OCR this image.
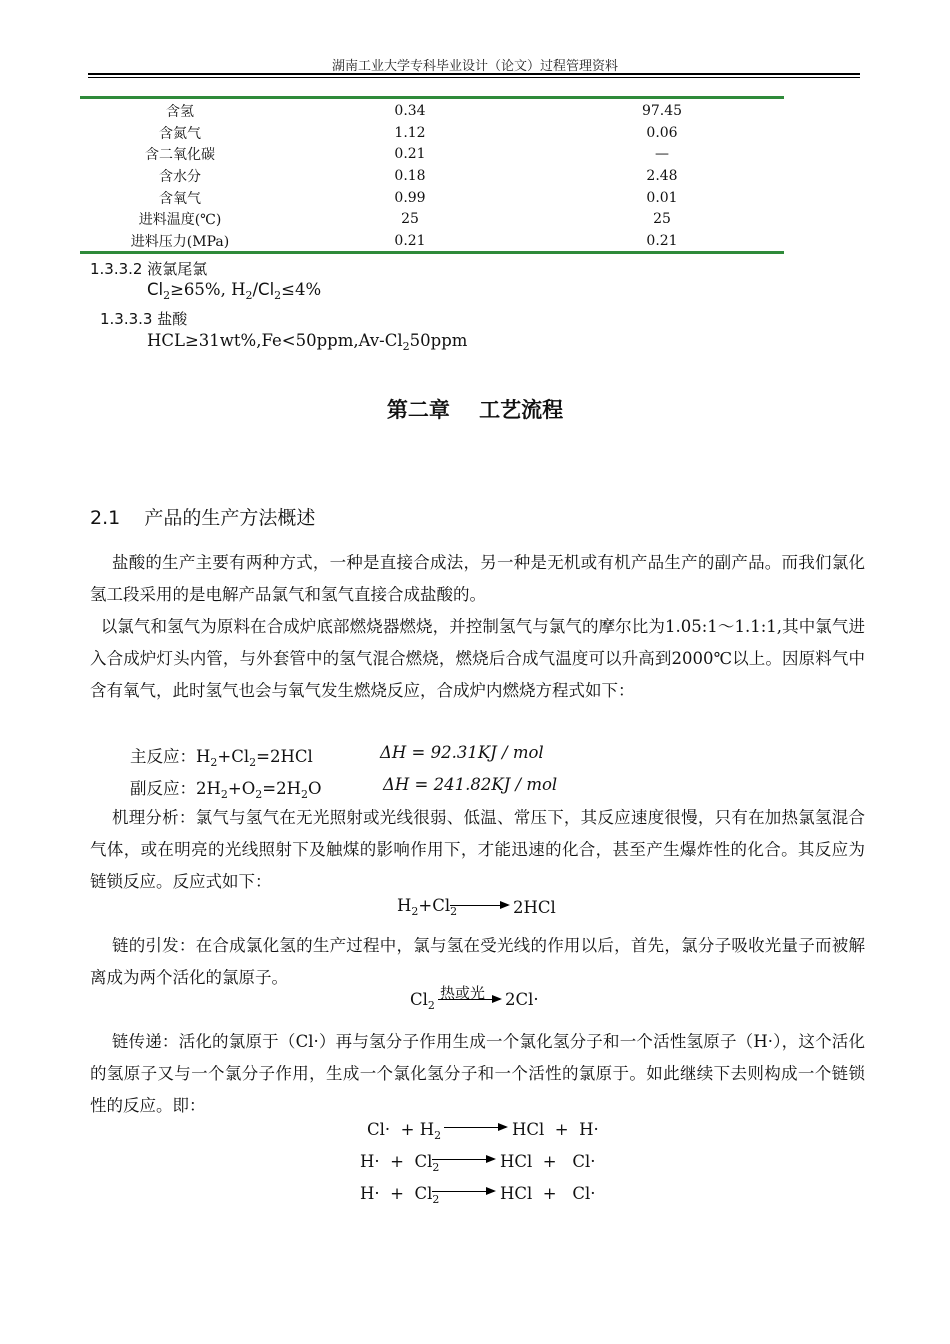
湖南工业大学专科毕业设计（论文）过程管理资料
含氢	0.34	97.45
含氮气	1.12	0.06
含二氧化碳	0.21	—
含水分	0.18	2.48
含氧气	0.99	0.01
进料温度(℃)	25	25
进料压力(MPa)	0.21	0.21
1.3.3.2 液氯尾氯
$Cl_2\ge 65\%$, $H_2/Cl_2\le 4\%$
1.3.3.3 盐酸
$HCL\ge 31wt\%,Fe<50ppm,Av-Cl_250ppm$
第二章    工艺流程
2.1    产品的生产方法概述
盐酸的生产主要有两种方式，一种是直接合成法，另一种是无机或有机产品生产的副产品。而我们氯化氢工段采用的是电解产品氯气和氢气直接合成盐酸的。
以氯气和氢气为原料在合成炉底部燃烧器燃烧，并控制氢气与氯气的摩尔比为1.05:1～1.1:1,其中氯气进入合成炉灯头内管，与外套管中的氢气混合燃烧，燃烧后合成气温度可以升高到2000℃以上。因原料气中含有氧气，此时氢气也会与氧气发生燃烧反应，合成炉内燃烧方程式如下：
主反应：$H_2+Cl_2=2HCl$	ΔH = 92.31KJ / mol
副反应：$2H_2+O_2=2H_2O$	ΔH = 241.82KJ / mol
机理分析：氯气与氢气在无光照射或光线很弱、低温、常压下，其反应速度很慢，只有在加热氯氢混合气体，或在明亮的光线照射下及触煤的影响作用下，才能迅速的化合，甚至产生爆炸性的化合。其反应为链锁反应。反应式如下：
$H_2+Cl_2 \to 2HCl$
链的引发：在合成氯化氢的生产过程中，氯与氢在受光线的作用以后，首先，氯分子吸收光量子而被解离成为两个活化的氯原子。
$Cl_2$
热或光 2Cl·
链传递：活化的氯原于（Cl·）再与氢分子作用生成一个氯化氢分子和一个活性氢原子（H·），这个活化的氢原子又与一个氯分子作用，生成一个氯化氢分子和一个活性的氯原于。如此继续下去则构成一个链锁性的反应。即：
$Cl\cdot + H_2$	HCl  +  H·
$H\cdot + Cl_2$	HCl  +   Cl·
$H\cdot + Cl_2$	HCl  +   Cl·
